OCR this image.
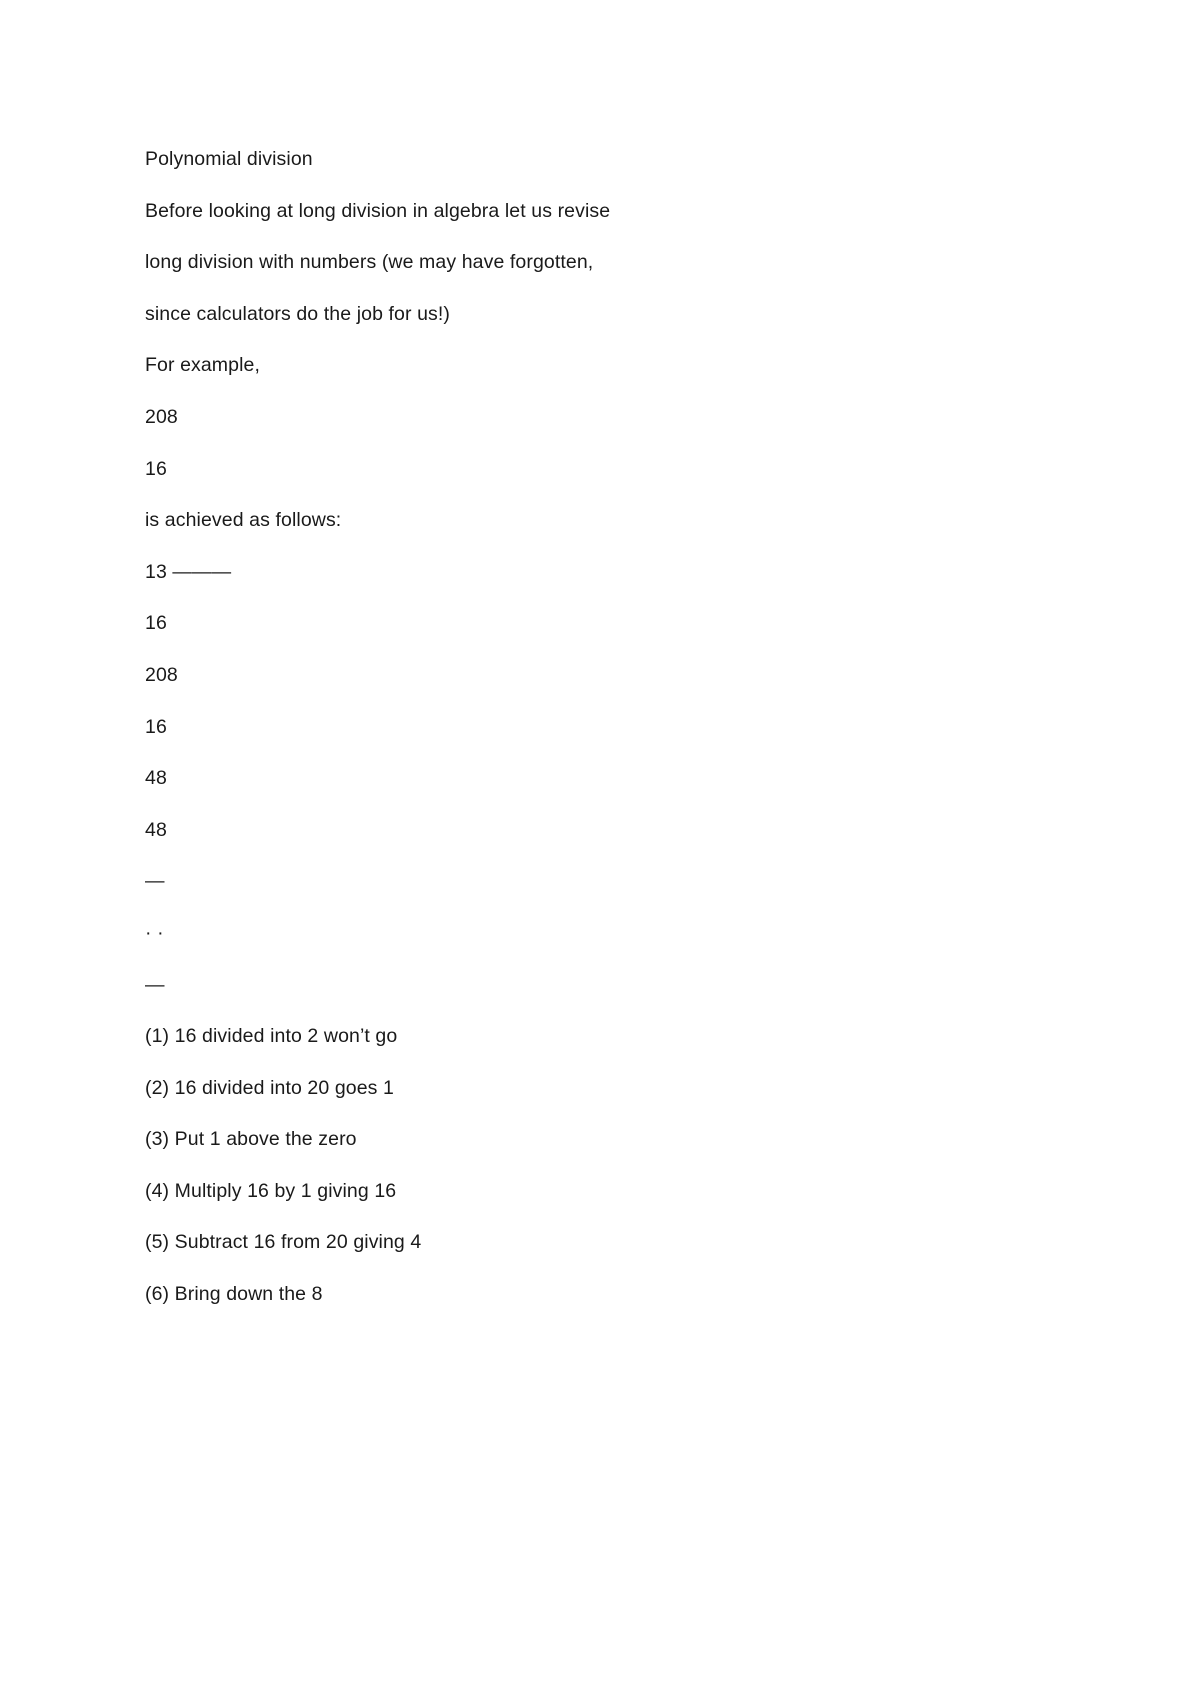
Polynomial division
Before looking at long division in algebra let us revise
long division with numbers (we may have forgotten,
since calculators do the job for us!)
For example,
208
16
is achieved as follows:
13 ———
16
208
16
48
48
—
· ·
—
(1) 16 divided into 2 won’t go
(2) 16 divided into 20 goes 1
(3) Put 1 above the zero
(4) Multiply 16 by 1 giving 16
(5) Subtract 16 from 20 giving 4
(6) Bring down the 8
